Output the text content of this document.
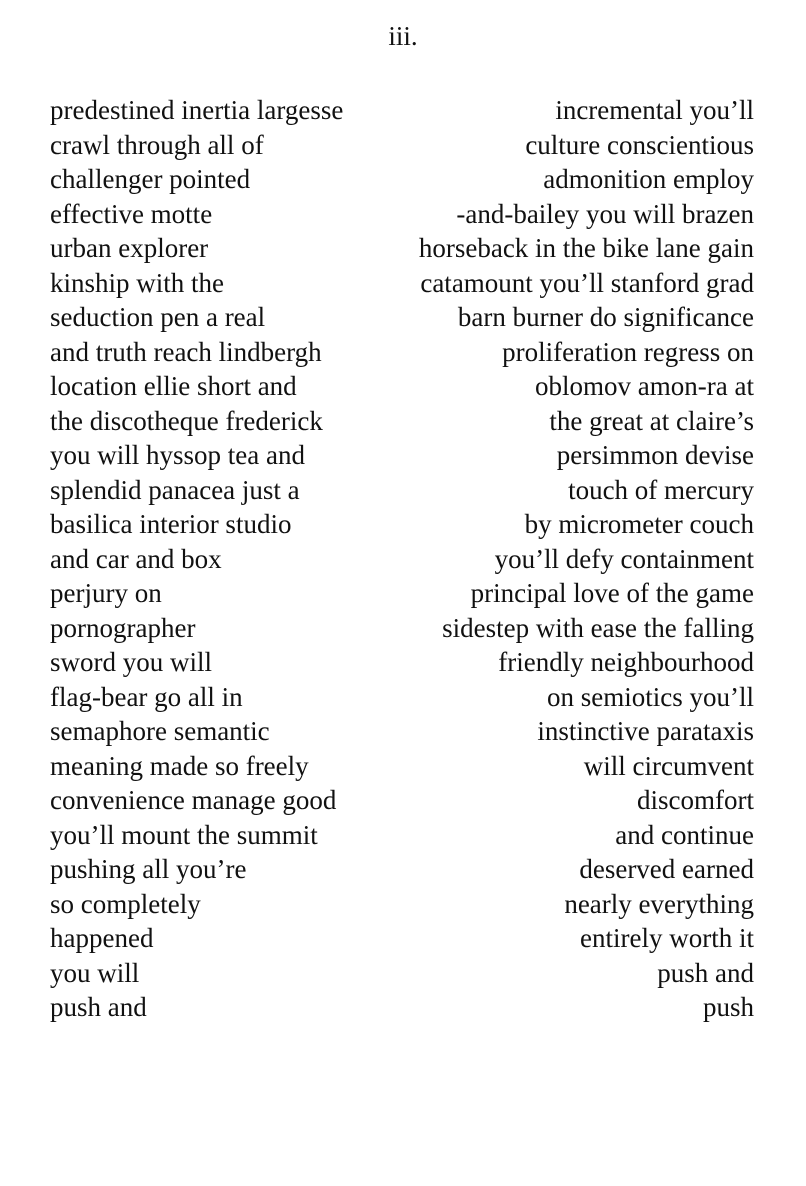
iii.
predestined inertia largesse	incremental you’ll
crawl through all of	culture conscientious
challenger pointed	admonition employ
effective motte	-and-bailey you will brazen
urban explorer	horseback in the bike lane gain
kinship with the	catamount you’ll stanford grad
seduction pen a real	barn burner do significance
and truth reach lindbergh	proliferation regress on
location ellie short and	oblomov amon-ra at
the discotheque frederick	the great at claire’s
you will hyssop tea and	persimmon devise
splendid panacea just a	touch of mercury
basilica interior studio	by micrometer couch
and car and box	you’ll defy containment
perjury on	principal love of the game
pornographer	sidestep with ease the falling
sword you will	friendly neighbourhood
flag-bear go all in	on semiotics you’ll
semaphore semantic	instinctive parataxis
meaning made so freely	will circumvent
convenience manage good	discomfort
you’ll mount the summit	and continue
pushing all you’re	deserved earned
so completely	nearly everything
happened	entirely worth it
you will	push and
push and	push
